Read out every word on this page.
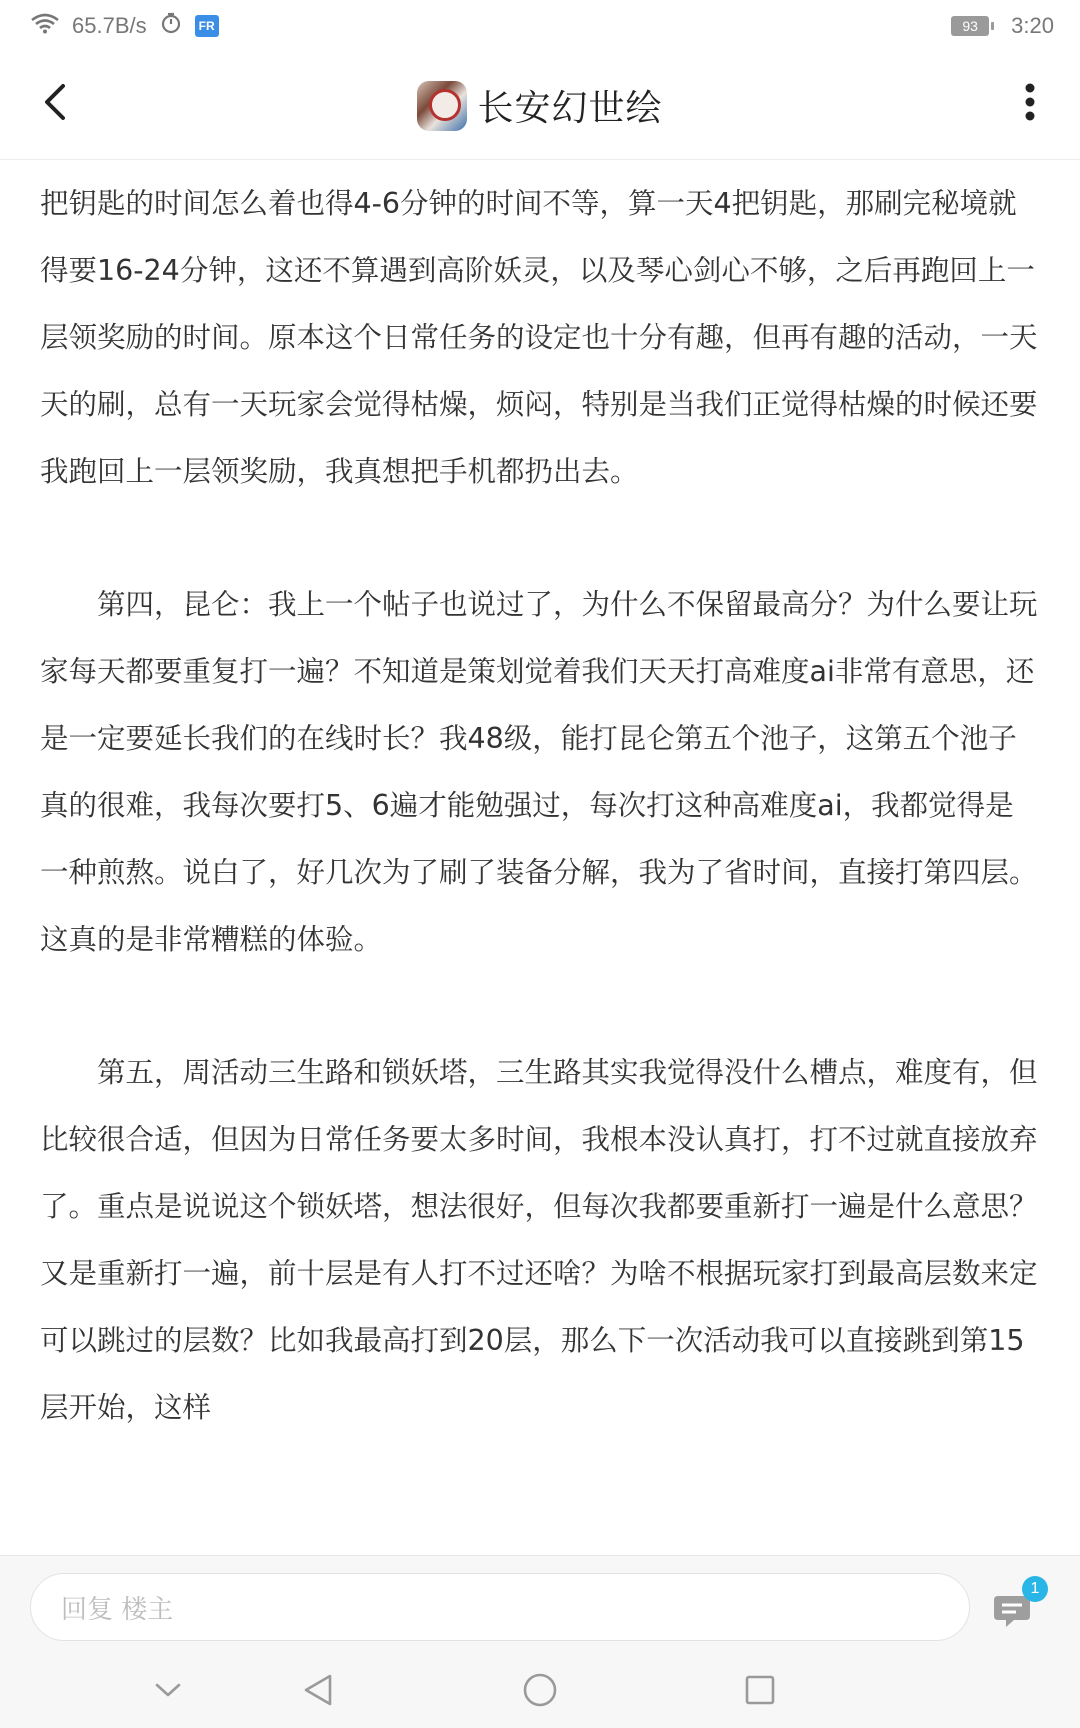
65.7B/s	FR	93	3:20
长安幻世绘

把钥匙的时间怎么着也得4-6分钟的时间不等，算一天4把钥匙，那刷完秘境就得要16-24分钟，这还不算遇到高阶妖灵，以及琴心剑心不够，之后再跑回上一层领奖励的时间。原本这个日常任务的设定也十分有趣，但再有趣的活动，一天天的刷，总有一天玩家会觉得枯燥，烦闷，特别是当我们正觉得枯燥的时候还要我跑回上一层领奖励，我真想把手机都扔出去。

第四，昆仑：我上一个帖子也说过了，为什么不保留最高分？为什么要让玩家每天都要重复打一遍？不知道是策划觉着我们天天打高难度ai非常有意思，还是一定要延长我们的在线时长？我48级，能打昆仑第五个池子，这第五个池子真的很难，我每次要打5、6遍才能勉强过，每次打这种高难度ai，我都觉得是一种煎熬。说白了，好几次为了刷了装备分解，我为了省时间，直接打第四层。这真的是非常糟糕的体验。

第五，周活动三生路和锁妖塔，三生路其实我觉得没什么槽点，难度有，但比较很合适，但因为日常任务要太多时间，我根本没认真打，打不过就直接放弃了。重点是说说这个锁妖塔，想法很好，但每次我都要重新打一遍是什么意思？又是重新打一遍，前十层是有人打不过还啥？为啥不根据玩家打到最高层数来定可以跳过的层数？比如我最高打到20层，那么下一次活动我可以直接跳到第15层开始，这样

回复 楼主
1
